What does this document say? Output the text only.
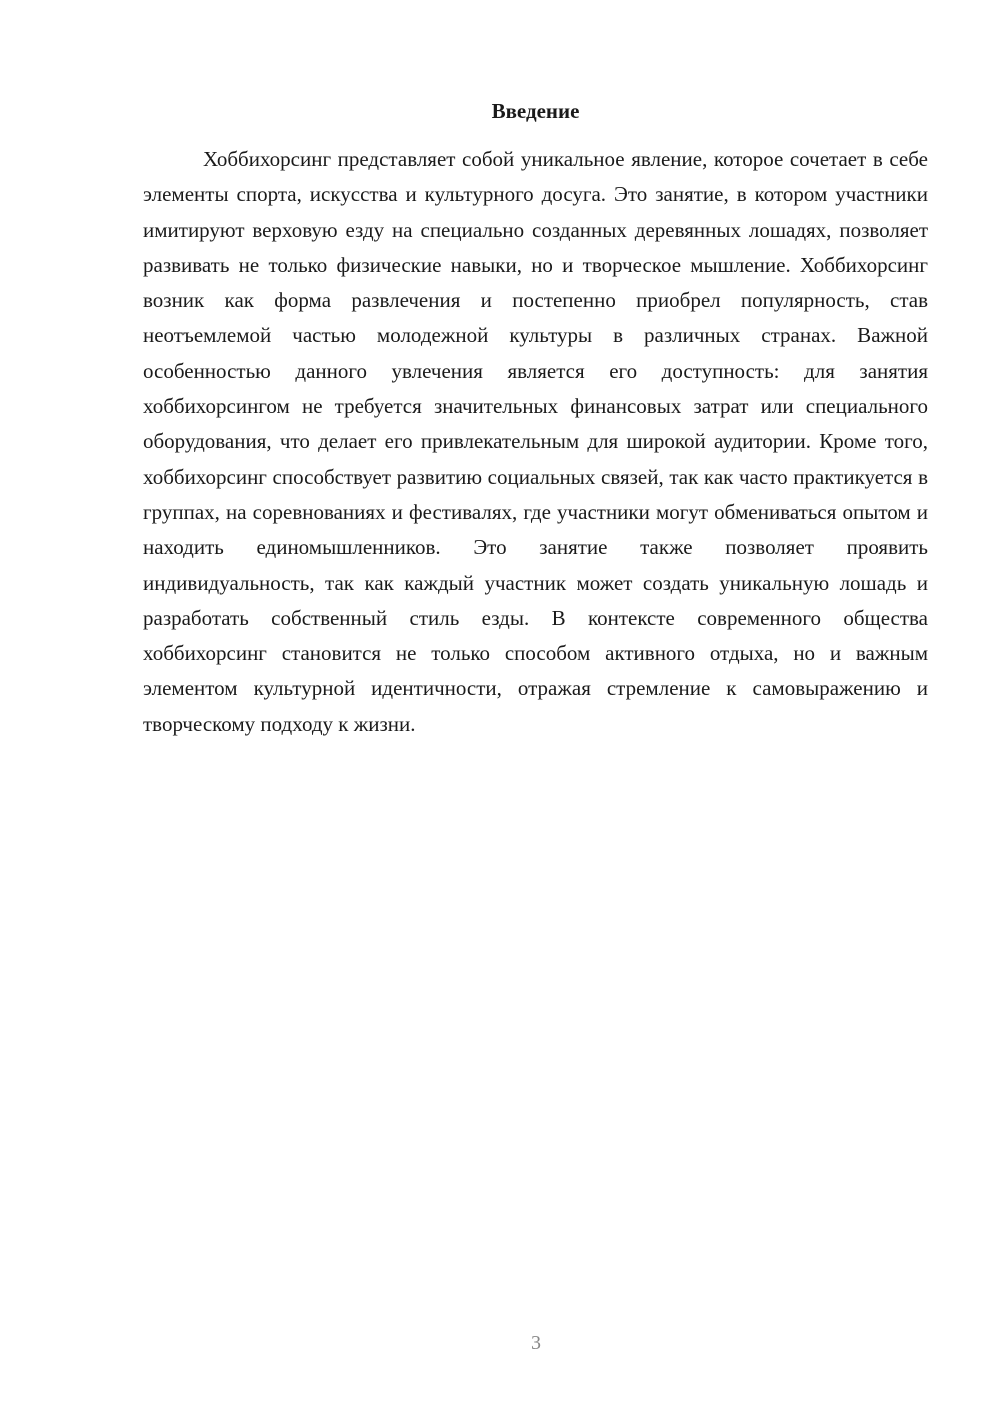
Введение

Хоббихорсинг представляет собой уникальное явление, которое сочетает в себе элементы спорта, искусства и культурного досуга. Это занятие, в котором участники имитируют верховую езду на специально созданных деревянных лошадях, позволяет развивать не только физические навыки, но и творческое мышление. Хоббихорсинг возник как форма развлечения и постепенно приобрел популярность, став неотъемлемой частью молодежной культуры в различных странах. Важной особенностью данного увлечения является его доступность: для занятия хоббихорсингом не требуется значительных финансовых затрат или специального оборудования, что делает его привлекательным для широкой аудитории. Кроме того, хоббихорсинг способствует развитию социальных связей, так как часто практикуется в группах, на соревнованиях и фестивалях, где участники могут обмениваться опытом и находить единомышленников. Это занятие также позволяет проявить индивидуальность, так как каждый участник может создать уникальную лошадь и разработать собственный стиль езды. В контексте современного общества хоббихорсинг становится не только способом активного отдыха, но и важным элементом культурной идентичности, отражая стремление к самовыражению и творческому подходу к жизни.

3
